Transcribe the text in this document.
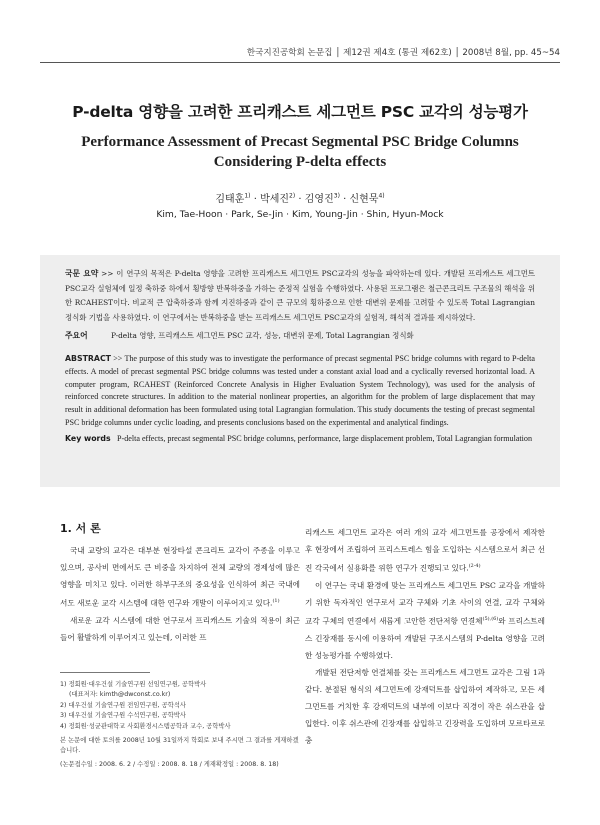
한국지진공학회 논문집 │ 제12권 제4호 (통권 제62호) │ 2008년 8월, pp. 45~54
P-delta 영향을 고려한 프리캐스트 세그먼트 PSC 교각의 성능평가
Performance Assessment of Precast Segmental PSC Bridge Columns
Considering P-delta effects
김태훈$^{1)}$ · 박세진$^{2)}$ · 김영진$^{3)}$ · 신현묵$^{4)}$
Kim, Tae-Hoon · Park, Se-Jin · Kim, Young-Jin · Shin, Hyun-Mock

국문 요약 >> 이 연구의 목적은 P-delta 영향을 고려한 프리캐스트 세그먼트 PSC교각의 성능을 파악하는데 있다. 개발된 프리캐스트 세그먼트 PSC교각 실험체에 일정 축하중 하에서 횡방향 반복하중을 가하는 준정적 실험을 수행하였다. 사용된 프로그램은 철근콘크리트 구조물의 해석을 위한 RCAHEST이다. 비교적 큰 압축하중과 함께 지진하중과 같이 큰 규모의 횡하중으로 인한 대변위 문제를 고려할 수 있도록 Total Lagrangian 정식화 기법을 사용하였다. 이 연구에서는 반복하중을 받는 프리캐스트 세그먼트 PSC교각의 실험적, 해석적 결과를 제시하였다.

주요어	P-delta 영향, 프리캐스트 세그먼트 PSC 교각, 성능, 대변위 문제, Total Lagrangian 정식화

ABSTRACT >> The purpose of this study was to investigate the performance of precast segmental PSC bridge columns with regard to P-delta effects. A model of precast segmental PSC bridge columns was tested under a constant axial load and a cyclically reversed horizontal load. A computer program, RCAHEST (Reinforced Concrete Analysis in Higher Evaluation System Technology), was used for the analysis of reinforced concrete structures. In addition to the material nonlinear properties, an algorithm for the problem of large displacement that may result in additional deformation has been formulated using total Lagrangian formulation. This study documents the testing of precast segmental PSC bridge columns under cyclic loading, and presents conclusions based on the experimental and analytical findings.

Key words P-delta effects, precast segmental PSC bridge columns, performance, large displacement problem, Total Lagrangian formulation
1. 서 론

국내 교량의 교각은 대부분 현장타설 콘크리트 교각이 주종을 이루고 있으며, 공사비 면에서도 큰 비중을 차지하여 전체 교량의 경제성에 많은 영향을 미치고 있다. 이러한 하부구조의 중요성을 인식하여 최근 국내에서도 새로운 교각 시스템에 대한 연구와 개발이 이루어지고 있다.$^{(1)}$

새로운 교각 시스템에 대한 연구로서 프리캐스트 기술의 적용이 최근 들어 활발하게 이루어지고 있는데, 이러한 프

리캐스트 세그먼트 교각은 여러 개의 교각 세그먼트를 공장에서 제작한 후 현장에서 조립하여 프리스트레스 힘을 도입하는 시스템으로서 최근 선진 각국에서 실용화를 위한 연구가 진행되고 있다.$^{(2-4)}$

이 연구는 국내 환경에 맞는 프리캐스트 세그먼트 PSC 교각을 개발하기 위한 독자적인 연구로서 교각 구체와 기초 사이의 연결, 교각 구체와 교각 구체의 연결에서 새롭게 고안한 전단저항 연결체$^{(5),(6)}$와 프리스트레스 긴장재를 동시에 이용하여 개발된 구조시스템의 P-delta 영향을 고려한 성능평가를 수행하였다.

개발된 전단저항 연결체를 갖는 프리캐스트 세그먼트 교각은 그림 1과 같다. 분절된 형식의 세그먼트에 강재덕트를 삽입하여 제작하고, 모든 세그먼트를 거치한 후 강재덕트의 내부에 이보다 직경이 작은 쉬스관을 삽입한다. 이후 쉬스관에 긴장재를 삽입하고 긴장력을 도입하며 모르타르로 충

1) 정회원·대우건설 기술연구원 선임연구원, 공학박사
(대표저자: kimth@dwconst.co.kr)
2) 대우건설 기술연구원 전임연구원, 공학석사
3) 대우건설 기술연구원 수석연구원, 공학박사
4) 정회원·성균관대학교 사회환경시스템공학과 교수, 공학박사
본 논문에 대한 토의를 2008년 10월 31일까지 학회로 보내 주시면 그 결과를 게재하겠습니다.
(논문접수일 : 2008. 6. 2 / 수정일 : 2008. 8. 18 / 게재확정일 : 2008. 8. 18)
